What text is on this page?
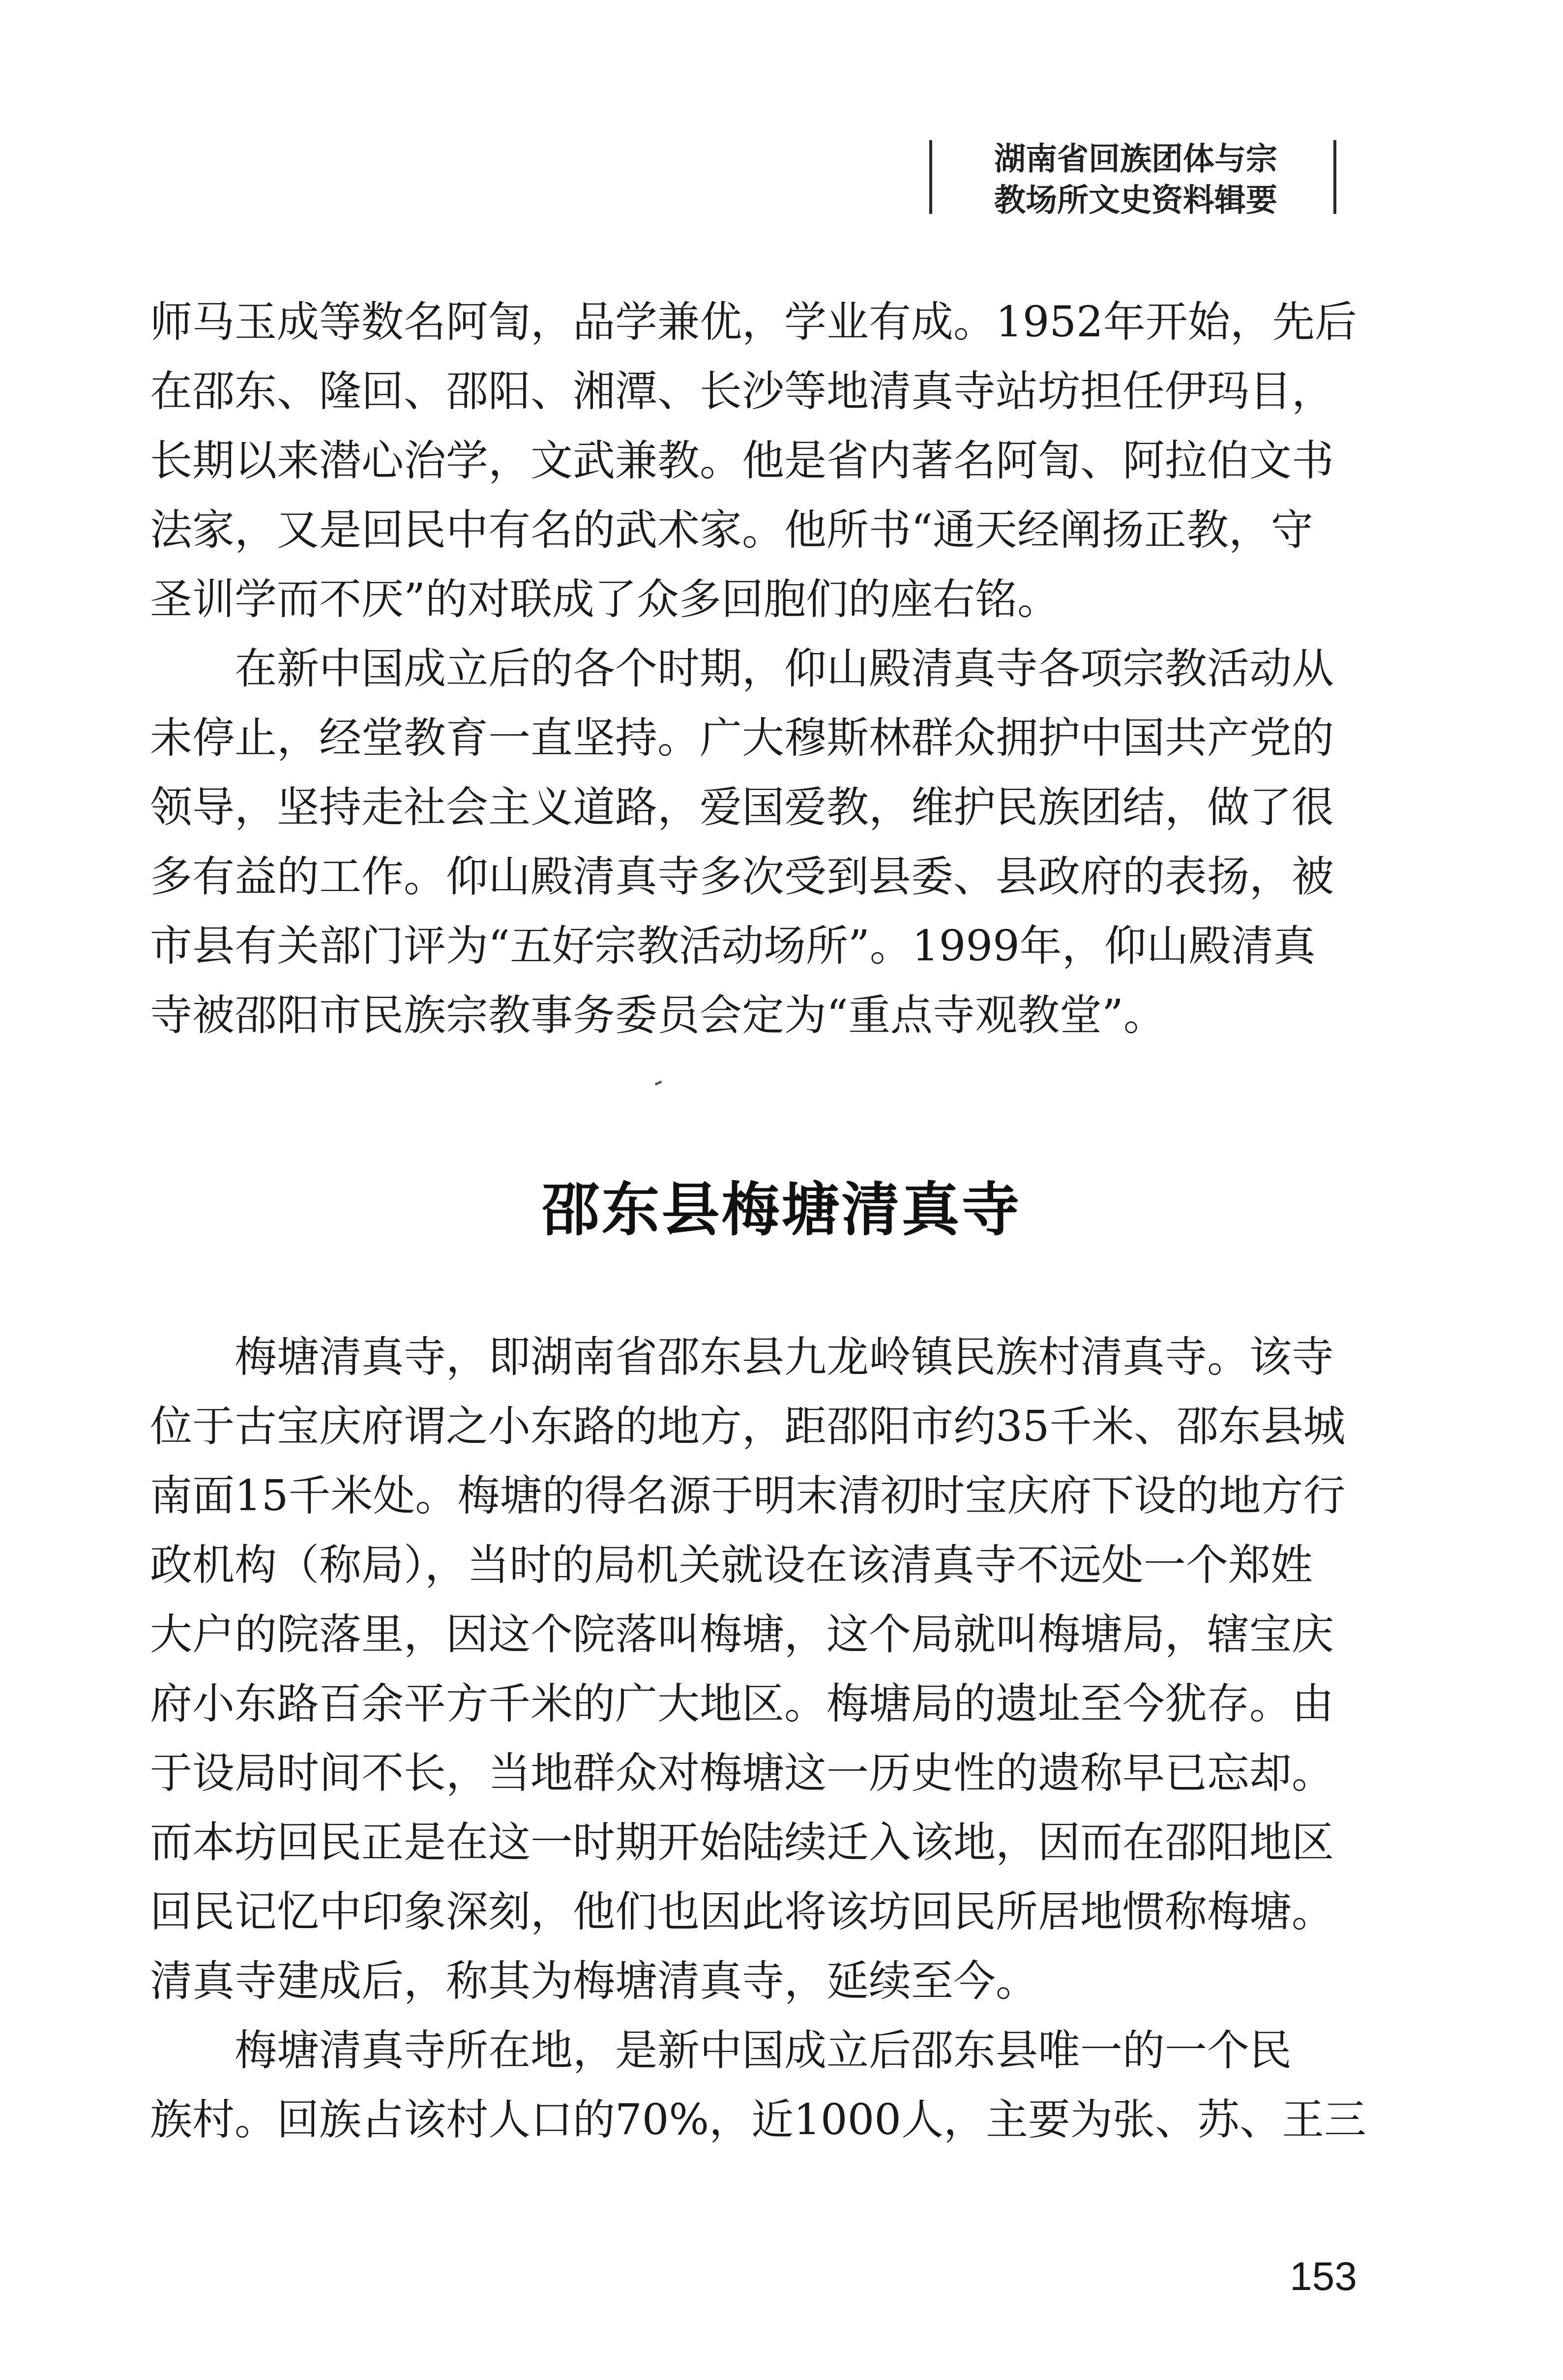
湖南省回族团体与宗
教场所文史资料辑要
师马玉成等数名阿訇，品学兼优，学业有成。1952年开始，先后
在邵东、隆回、邵阳、湘潭、长沙等地清真寺站坊担任伊玛目，
长期以来潜心治学，文武兼教。他是省内著名阿訇、阿拉伯文书
法家，又是回民中有名的武术家。他所书“通天经阐扬正教，守
圣训学而不厌”的对联成了众多回胞们的座右铭。
　　在新中国成立后的各个时期，仰山殿清真寺各项宗教活动从
未停止，经堂教育一直坚持。广大穆斯林群众拥护中国共产党的
领导，坚持走社会主义道路，爱国爱教，维护民族团结，做了很
多有益的工作。仰山殿清真寺多次受到县委、县政府的表扬，被
市县有关部门评为“五好宗教活动场所”。1999年，仰山殿清真
寺被邵阳市民族宗教事务委员会定为“重点寺观教堂”。
邵东县梅塘清真寺
　　梅塘清真寺，即湖南省邵东县九龙岭镇民族村清真寺。该寺
位于古宝庆府谓之小东路的地方，距邵阳市约35千米、邵东县城
南面15千米处。梅塘的得名源于明末清初时宝庆府下设的地方行
政机构（称局），当时的局机关就设在该清真寺不远处一个郑姓
大户的院落里，因这个院落叫梅塘，这个局就叫梅塘局，辖宝庆
府小东路百余平方千米的广大地区。梅塘局的遗址至今犹存。由
于设局时间不长，当地群众对梅塘这一历史性的遗称早已忘却。
而本坊回民正是在这一时期开始陆续迁入该地，因而在邵阳地区
回民记忆中印象深刻，他们也因此将该坊回民所居地惯称梅塘。
清真寺建成后，称其为梅塘清真寺，延续至今。
　　梅塘清真寺所在地，是新中国成立后邵东县唯一的一个民
族村。回族占该村人口的70%，近1000人，主要为张、苏、王三
153
